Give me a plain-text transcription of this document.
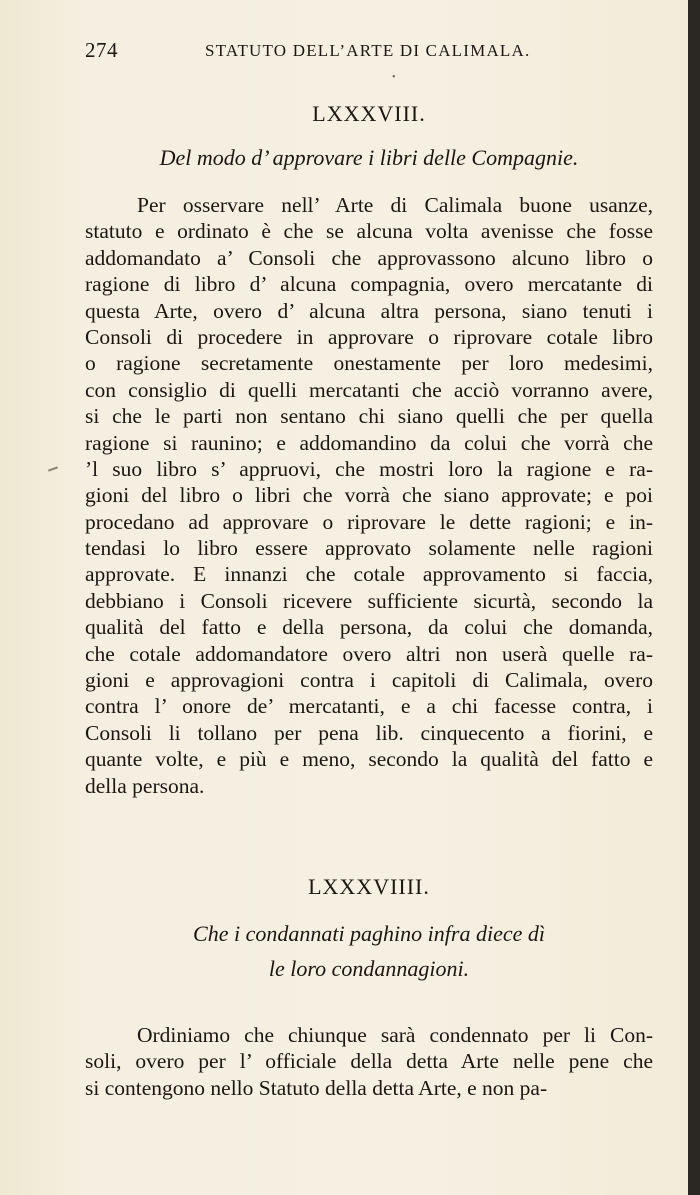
274	STATUTO DELL’ARTE DI CALIMALA.
•
LXXXVIII.
Del modo d’ approvare i libri delle Compagnie.
Per osservare nell’ Arte di Calimala buone usanze,
statuto e ordinato è che se alcuna volta avenisse che fosse
addomandato a’ Consoli che approvassono alcuno libro o
ragione di libro d’ alcuna compagnia, overo mercatante di
questa Arte, overo d’ alcuna altra persona, siano tenuti i
Consoli di procedere in approvare o riprovare cotale libro
o ragione secretamente onestamente per loro medesimi,
con consiglio di quelli mercatanti che acciò vorranno avere,
si che le parti non sentano chi siano quelli che per quella
ragione si raunino; e addomandino da colui che vorrà che
’l suo libro s’ appruovi, che mostri loro la ragione e ra-
gioni del libro o libri che vorrà che siano approvate; e poi
procedano ad approvare o riprovare le dette ragioni; e in-
tendasi lo libro essere approvato solamente nelle ragioni
approvate. E innanzi che cotale approvamento si faccia,
debbiano i Consoli ricevere sufficiente sicurtà, secondo la
qualità del fatto e della persona, da colui che domanda,
che cotale addomandatore overo altri non userà quelle ra-
gioni e approvagioni contra i capitoli di Calimala, overo
contra l’ onore de’ mercatanti, e a chi facesse contra, i
Consoli li tollano per pena lib. cinquecento a fiorini, e
quante volte, e più e meno, secondo la qualità del fatto e
della persona.
LXXXVIIII.
Che i condannati paghino infra diece dì
le loro condannagioni.
Ordiniamo che chiunque sarà condennato per li Con-
soli, overo per l’ officiale della detta Arte nelle pene che
si contengono nello Statuto della detta Arte, e non pa-
